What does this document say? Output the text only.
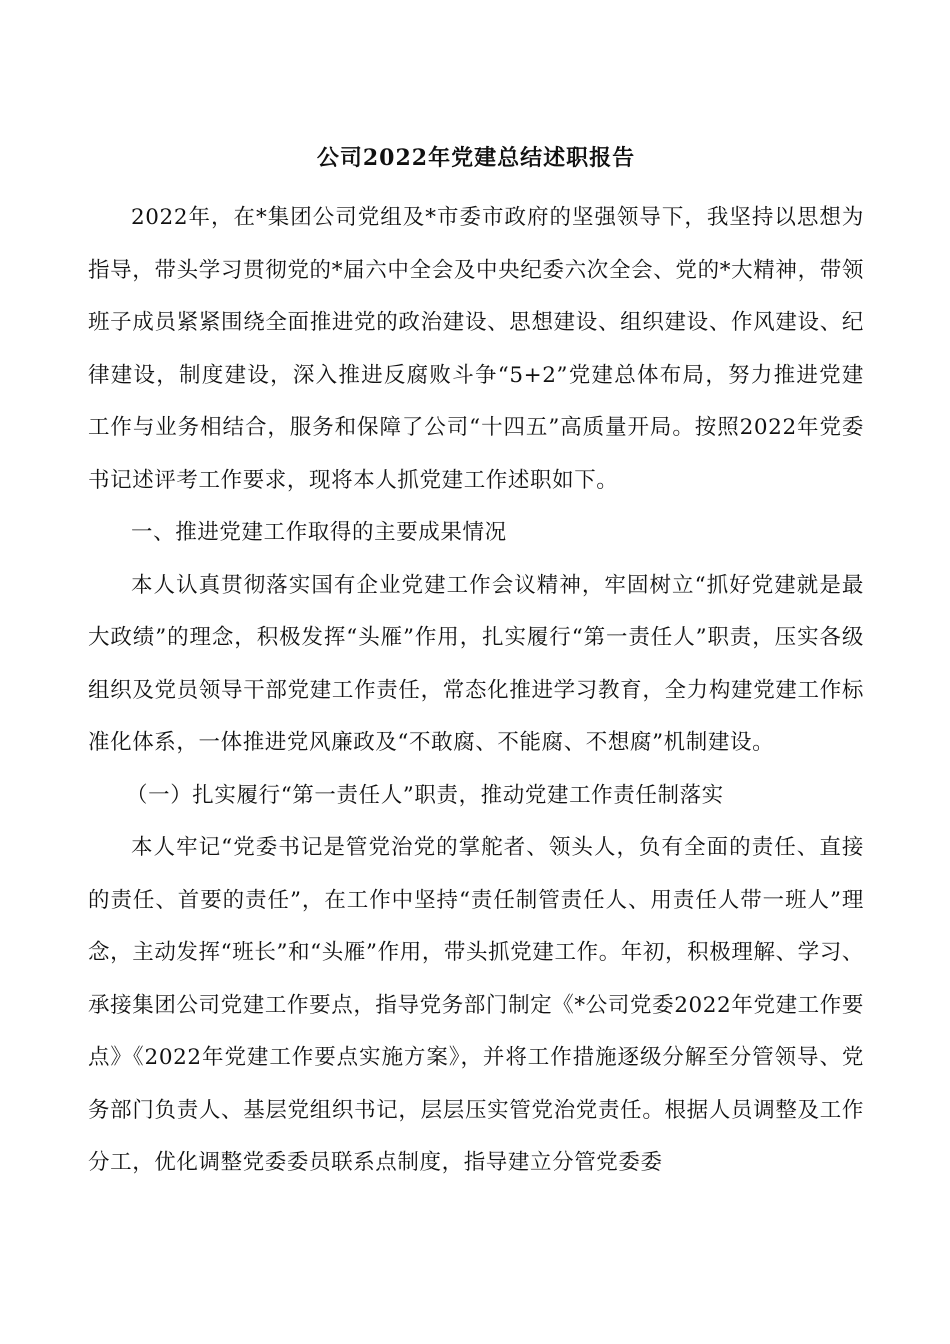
公司2022年党建总结述职报告

2022年，在*集团公司党组及*市委市政府的坚强领导下，我坚持以思想为指导，带头学习贯彻党的*届六中全会及中央纪委六次全会、党的*大精神，带领班子成员紧紧围绕全面推进党的政治建设、思想建设、组织建设、作风建设、纪律建设，制度建设，深入推进反腐败斗争“5+2”党建总体布局，努力推进党建工作与业务相结合，服务和保障了公司“十四五”高质量开局。按照2022年党委书记述评考工作要求，现将本人抓党建工作述职如下。

一、推进党建工作取得的主要成果情况

本人认真贯彻落实国有企业党建工作会议精神，牢固树立“抓好党建就是最大政绩”的理念，积极发挥“头雁”作用，扎实履行“第一责任人”职责，压实各级组织及党员领导干部党建工作责任，常态化推进学习教育，全力构建党建工作标准化体系，一体推进党风廉政及“不敢腐、不能腐、不想腐”机制建设。

（一）扎实履行“第一责任人”职责，推动党建工作责任制落实

本人牢记“党委书记是管党治党的掌舵者、领头人，负有全面的责任、直接的责任、首要的责任”，在工作中坚持“责任制管责任人、用责任人带一班人”理念，主动发挥“班长”和“头雁”作用，带头抓党建工作。年初，积极理解、学习、承接集团公司党建工作要点，指导党务部门制定《*公司党委2022年党建工作要点》《2022年党建工作要点实施方案》，并将工作措施逐级分解至分管领导、党务部门负责人、基层党组织书记，层层压实管党治党责任。根据人员调整及工作分工，优化调整党委委员联系点制度，指导建立分管党委委
